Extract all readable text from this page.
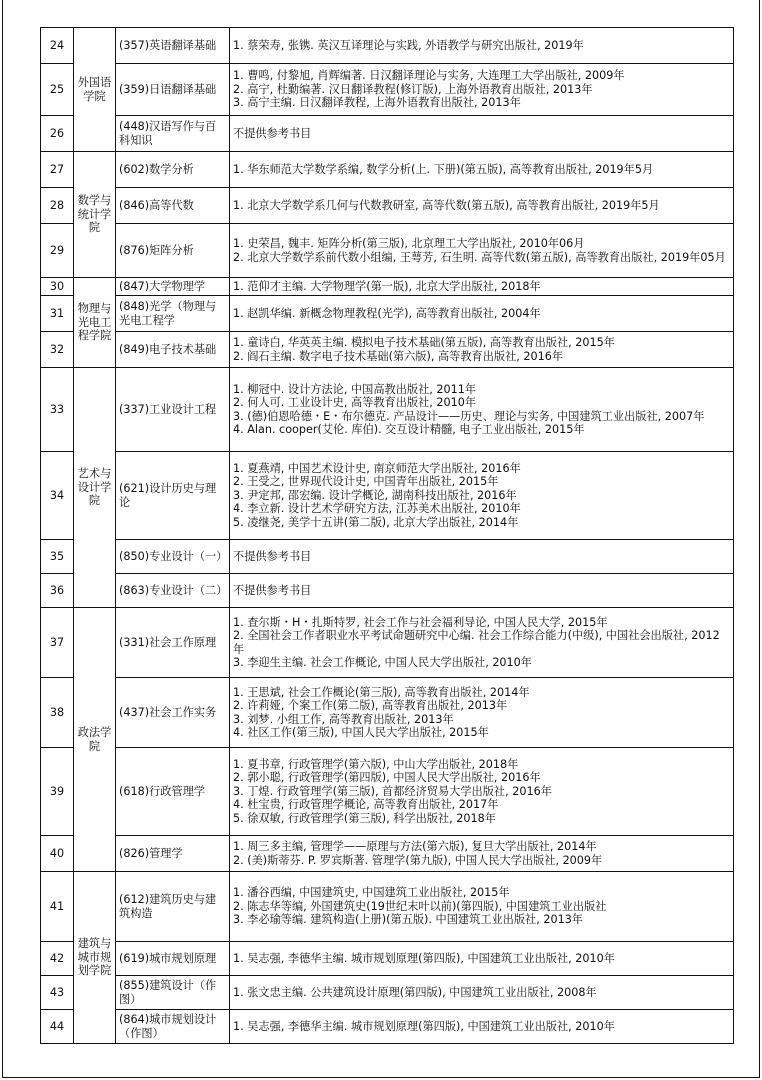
24	外国语学院	(357)英语翻译基础	1. 蔡荣寿, 张镌. 英汉互译理论与实践, 外语教学与研究出版社, 2019年

25		(359)日语翻译基础	1. 曹鸣, 付黎旭, 肖辉编著. 日汉翻译理论与实务, 大连理工大学出版社, 2009年
2. 高宁, 杜勤编著. 汉日翻译教程(修订版), 上海外语教育出版社, 2013年
3. 高宁主编. 日汉翻译教程, 上海外语教育出版社, 2013年

26		(448)汉语写作与百科知识	不提供参考书目

27	数学与统计学院	(602)数学分析	1. 华东师范大学数学系编, 数学分析(上. 下册)(第五版), 高等教育出版社, 2019年5月

28		(846)高等代数	1. 北京大学数学系几何与代数教研室, 高等代数(第五版), 高等教育出版社, 2019年5月

29		(876)矩阵分析	1. 史荣昌, 魏丰. 矩阵分析(第三版), 北京理工大学出版社, 2010年06月
2. 北京大学数学系前代数小组编, 王萼芳, 石生明. 高等代数(第五版), 高等教育出版社, 2019年05月

30	物理与光电工程学院	(847)大学物理学	1. 范仰才主编. 大学物理学(第一版), 北京大学出版社, 2018年

31		(848)光学（物理与光电工程学	1. 赵凯华编. 新概念物理教程(光学), 高等教育出版社, 2004年

32		(849)电子技术基础	1. 童诗白, 华英英主编. 模拟电子技术基础(第五版), 高等教育出版社, 2015年
2. 阎石主编. 数字电子技术基础(第六版), 高等教育出版社, 2016年

33	艺术与设计学院	(337)工业设计工程	1. 柳冠中. 设计方法论, 中国高教出版社, 2011年
2. 何人可. 工业设计史, 高等教育出版社, 2010年
3. (德)伯恩哈德・E・布尔德克. 产品设计——历史、理论与实务, 中国建筑工业出版社, 2007年
4. Alan. cooper(艾伦. 库伯). 交互设计精髓, 电子工业出版社, 2015年

34		(621)设计历史与理论	1. 夏燕靖, 中国艺术设计史, 南京师范大学出版社, 2016年
2. 王受之, 世界现代设计史, 中国青年出版社, 2015年
3. 尹定邦, 邵宏编. 设计学概论, 湖南科技出版社, 2016年
4. 李立新. 设计艺术学研究方法, 江苏美术出版社, 2010年
5. 凌继尧, 美学十五讲(第二版), 北京大学出版社, 2014年

35		(850)专业设计（一）	不提供参考书目

36		(863)专业设计（二）	不提供参考书目

37	政法学院	(331)社会工作原理	1. 查尔斯・H・扎斯特罗, 社会工作与社会福利导论, 中国人民大学, 2015年
2. 全国社会工作者职业水平考试命题研究中心编. 社会工作综合能力(中级), 中国社会出版社, 2012年
3. 李迎生主编. 社会工作概论, 中国人民大学出版社, 2010年

38		(437)社会工作实务	1. 王思斌, 社会工作概论(第三版), 高等教育出版社, 2014年
2. 许莉娅, 个案工作(第二版), 高等教育出版社, 2013年
3. 刘梦. 小组工作, 高等教育出版社, 2013年
4. 社区工作(第三版), 中国人民大学出版社, 2015年

39		(618)行政管理学	1. 夏书章, 行政管理学(第六版), 中山大学出版社, 2018年
2. 郭小聪, 行政管理学(第四版), 中国人民大学出版社, 2016年
3. 丁煌. 行政管理学(第三版), 首都经济贸易大学出版社, 2016年
4. 杜宝贵, 行政管理学概论, 高等教育出版社, 2017年
5. 徐双敏, 行政管理学(第三版), 科学出版社, 2018年

40		(826)管理学	1. 周三多主编, 管理学——原理与方法(第六版), 复旦大学出版社, 2014年
2. (美)斯蒂芬. P. 罗宾斯著. 管理学(第九版), 中国人民大学出版社, 2009年

41	建筑与城市规划学院	(612)建筑历史与建筑构造	1. 潘谷西编, 中国建筑史, 中国建筑工业出版社, 2015年
2. 陈志华等编, 外国建筑史(19世纪末叶以前)(第四版), 中国建筑工业出版社
3. 李必瑜等编. 建筑构造(上册)(第五版). 中国建筑工业出版社, 2013年

42		(619)城市规划原理	1. 吴志强, 李德华主编. 城市规划原理(第四版), 中国建筑工业出版社, 2010年

43		(855)建筑设计（作图）	1. 张文忠主编. 公共建筑设计原理(第四版), 中国建筑工业出版社, 2008年

44		(864)城市规划设计（作图）	1. 吴志强, 李德华主编. 城市规划原理(第四版), 中国建筑工业出版社, 2010年
